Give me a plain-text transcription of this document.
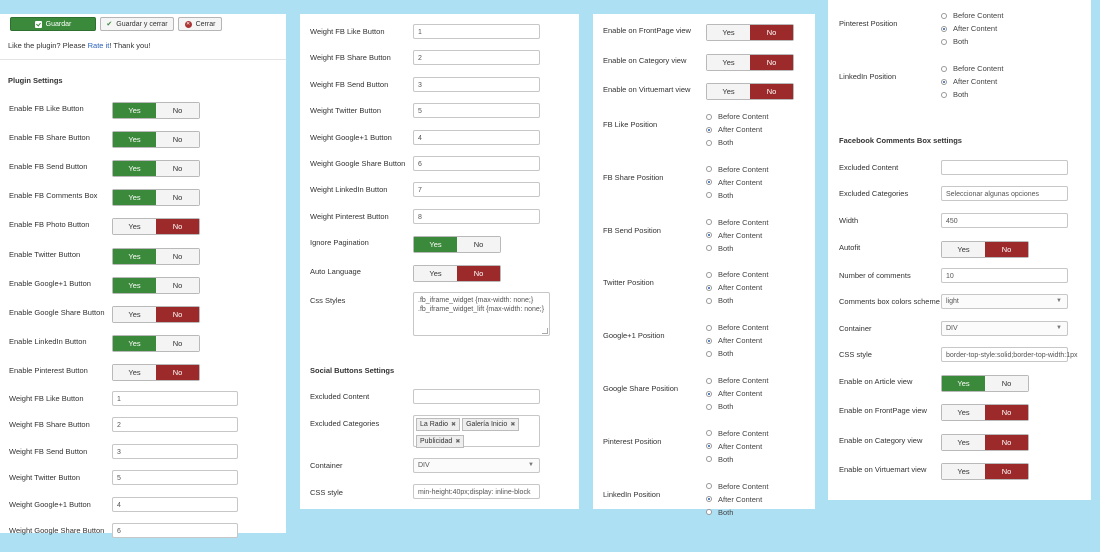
Guardar	✔ Guardar y cerrar	✕ Cerrar
Like the plugin? Please Rate it! Thank you!
Plugin Settings
Enable FB Like Button	Yes	No
Enable FB Share Button	Yes	No
Enable FB Send Button	Yes	No
Enable FB Comments Box	Yes	No
Enable FB Photo Button	Yes	No
Enable Twitter Button	Yes	No
Enable Google+1 Button	Yes	No
Enable Google Share Button	Yes	No
Enable LinkedIn Button	Yes	No
Enable Pinterest Button	Yes	No
Weight FB Like Button	1
Weight FB Share Button	2
Weight FB Send Button	3
Weight Twitter Button	5
Weight Google+1 Button	4
Weight Google Share Button	6
Ignore Pagination	Yes	No
Auto Language	Yes	No
Css Styles	.fb_iframe_widget {max-width: none;} .fb_iframe_widget_lift {max-width: none;}
Social Buttons Settings
Excluded Content
Excluded Categories	La Radio ✖ Galería Inicio ✖
Publicidad ✖
Container	DIV	▼
CSS style	min-height:40px;display: inline-block
Weight FB Like Button	1
Weight FB Share Button	2
Weight FB Send Button	3
Weight Twitter Button	5
Weight Google+1 Button	4
Weight Google Share Button	6
Weight LinkedIn Button	7
Weight Pinterest Button	8
Enable on FrontPage view	Yes	No
Enable on Category view	Yes	No
Enable on Virtuemart view	Yes	No
FB Like Position
Before Content
After Content
Both
FB Share Position
Before Content
After Content
Both
FB Send Position
Before Content
After Content
Both
Twitter Position
Before Content
After Content
Both
Google+1 Position
Before Content
After Content
Both
Google Share Position
Before Content
After Content
Both
Pinterest Position
Before Content
After Content
Both
LinkedIn Position
Before Content
After Content
Both
Facebook Comments Box settings
Excluded Content
Excluded Categories	Seleccionar algunas opciones
Width	450
Autofit	Yes	No
Number of comments	10
Comments box colors scheme light	▼
Container	DIV	▼
CSS style	border-top-style:solid;border-top-width:1px
Pinterest Position
Before Content
After Content
Both
LinkedIn Position
Before Content
After Content
Both
Enable on Article view	Yes	No
Enable on FrontPage view	Yes	No
Enable on Category view	Yes	No
Enable on Virtuemart view	Yes	No
